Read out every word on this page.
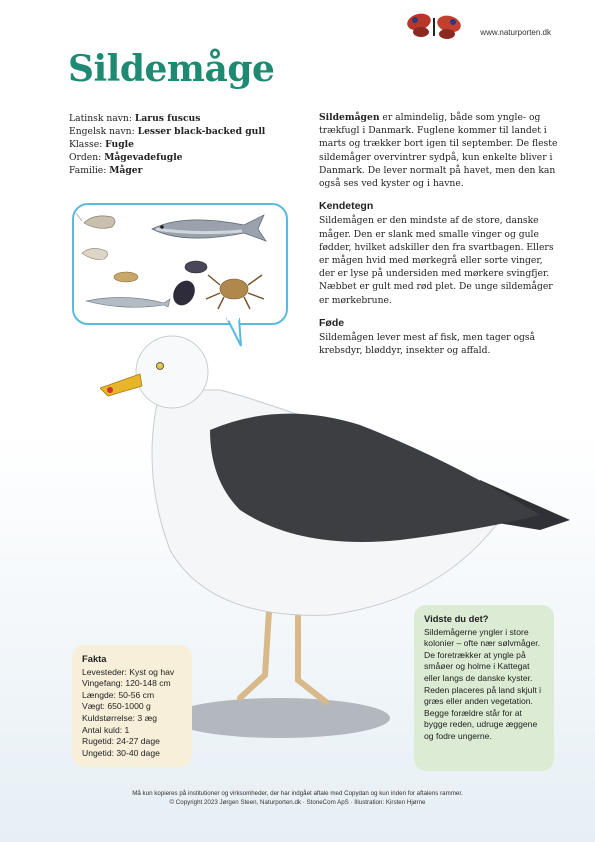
www.naturporten.dk
Sildemåge
Latinsk navn: Larus fuscus
Engelsk navn: Lesser black-backed gull
Klasse: Fugle
Orden: Mågevadefugle
Familie: Måger

Sildemågen er almindelig, både som yngle- og trækfugl i Danmark. Fuglene kommer til landet i marts og trækker bort igen til september. De fleste sildemåger overvintrer sydpå, kun enkelte bliver i Danmark. De lever normalt på havet, men den kan også ses ved kyster og i havne.

Kendetegn

Sildemågen er den mindste af de store, danske måger. Den er slank med smalle vinger og gule fødder, hvilket adskiller den fra svartbagen. Ellers er mågen hvid med mørkegrå eller sorte vinger, der er lyse på undersiden med mørkere svingfjer. Næbbet er gult med rød plet. De unge sildemåger er mørkebrune.

Føde

Sildemågen lever mest af fisk, men tager også krebsdyr, bløddyr, insekter og affald.

Fakta
Levesteder: Kyst og hav
Vingefang: 120-148 cm
Længde: 50-56 cm
Vægt: 650-1000 g
Kuldstørrelse: 3 æg
Antal kuld: 1
Rugetid: 24-27 dage
Ungetid: 30-40 dage
Vidste du det?
Sildemågerne yngler i store kolonier – ofte nær sølvmåger. De foretrækker at yngle på småøer og holme i Kattegat eller langs de danske kyster. Reden placeres på land skjult i græs eller anden vegetation. Begge forældre står for at bygge reden, udruge æggene og fodre ungerne.
Må kun kopieres på institutioner og virksomheder, der har indgået aftale med Copydan og kun inden for aftalens rammer.
© Copyright 2023 Jørgen Steen, Naturporten.dk · StoneCom ApS · Illustration: Kirsten Hjørne
